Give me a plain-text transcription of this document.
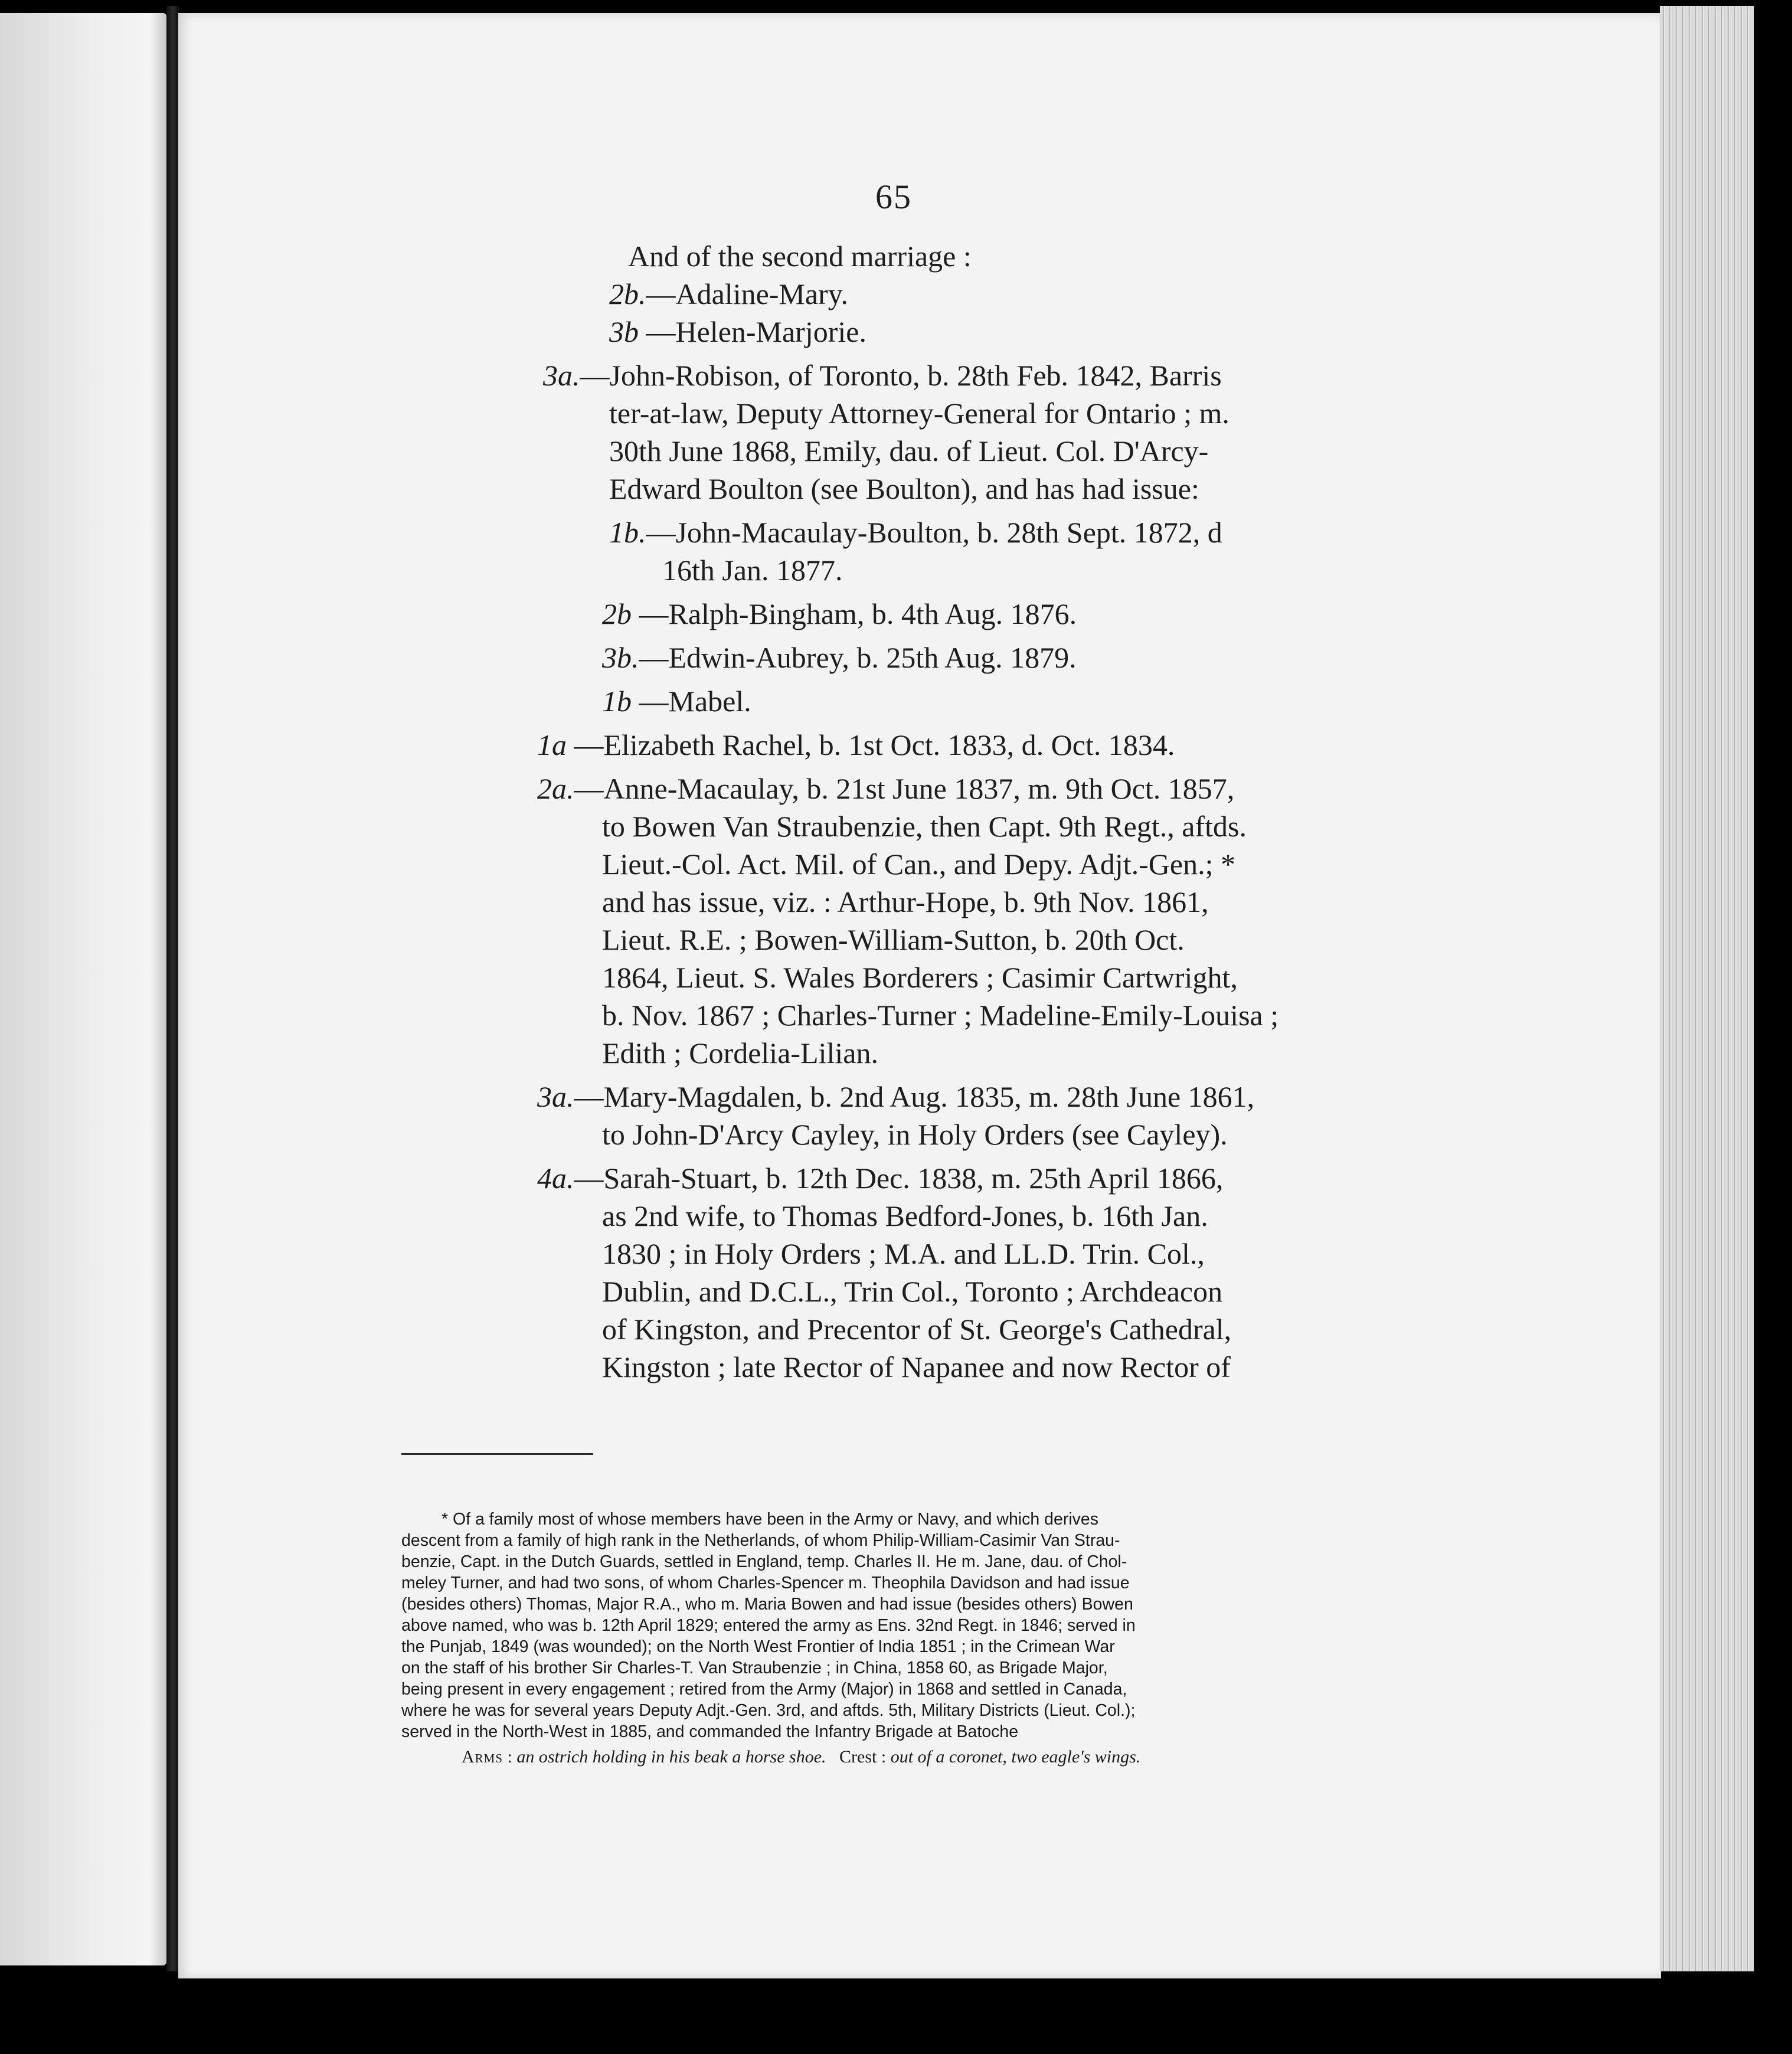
65

And of the second marriage :

2b.—Adaline-Mary.

3b —Helen-Marjorie.

3a.—John-Robison, of Toronto, b. 28th Feb. 1842, Barris

ter-at-law, Deputy Attorney-General for Ontario ; m.

30th June 1868, Emily, dau. of Lieut. Col. D'Arcy-

Edward Boulton (see Boulton), and has had issue:

1b.—John-Macaulay-Boulton, b. 28th Sept. 1872, d

16th Jan. 1877.

2b —Ralph-Bingham, b. 4th Aug. 1876.

3b.—Edwin-Aubrey, b. 25th Aug. 1879.

1b —Mabel.

1a —Elizabeth Rachel, b. 1st Oct. 1833, d. Oct. 1834.

2a.—Anne-Macaulay, b. 21st June 1837, m. 9th Oct. 1857,

to Bowen Van Straubenzie, then Capt. 9th Regt., aftds.

Lieut.-Col. Act. Mil. of Can., and Depy. Adjt.-Gen.; *

and has issue, viz. : Arthur-Hope, b. 9th Nov. 1861,

Lieut. R.E. ; Bowen-William-Sutton, b. 20th Oct.

1864, Lieut. S. Wales Borderers ; Casimir Cartwright,

b. Nov. 1867 ; Charles-Turner ; Madeline-Emily-Louisa ;

Edith ; Cordelia-Lilian.

3a.—Mary-Magdalen, b. 2nd Aug. 1835, m. 28th June 1861,

to John-D'Arcy Cayley, in Holy Orders (see Cayley).

4a.—Sarah-Stuart, b. 12th Dec. 1838, m. 25th April 1866,

as 2nd wife, to Thomas Bedford-Jones, b. 16th Jan.

1830 ; in Holy Orders ; M.A. and LL.D. Trin. Col.,

Dublin, and D.C.L., Trin Col., Toronto ; Archdeacon

of Kingston, and Precentor of St. George's Cathedral,

Kingston ; late Rector of Napanee and now Rector of

* Of a family most of whose members have been in the Army or Navy, and which derives

descent from a family of high rank in the Netherlands, of whom Philip-William-Casimir Van Strau-

benzie, Capt. in the Dutch Guards, settled in England, temp. Charles II. He m. Jane, dau. of Chol-

meley Turner, and had two sons, of whom Charles-Spencer m. Theophila Davidson and had issue

(besides others) Thomas, Major R.A., who m. Maria Bowen and had issue (besides others) Bowen

above named, who was b. 12th April 1829; entered the army as Ens. 32nd Regt. in 1846; served in

the Punjab, 1849 (was wounded); on the North West Frontier of India 1851 ; in the Crimean War

on the staff of his brother Sir Charles-T. Van Straubenzie ; in China, 1858 60, as Brigade Major,

being present in every engagement ; retired from the Army (Major) in 1868 and settled in Canada,

where he was for several years Deputy Adjt.-Gen. 3rd, and aftds. 5th, Military Districts (Lieut. Col.);

served in the North-West in 1885, and commanded the Infantry Brigade at Batoche

Arms : an ostrich holding in his beak a horse shoe. Crest : out of a coronet, two eagle's wings.
